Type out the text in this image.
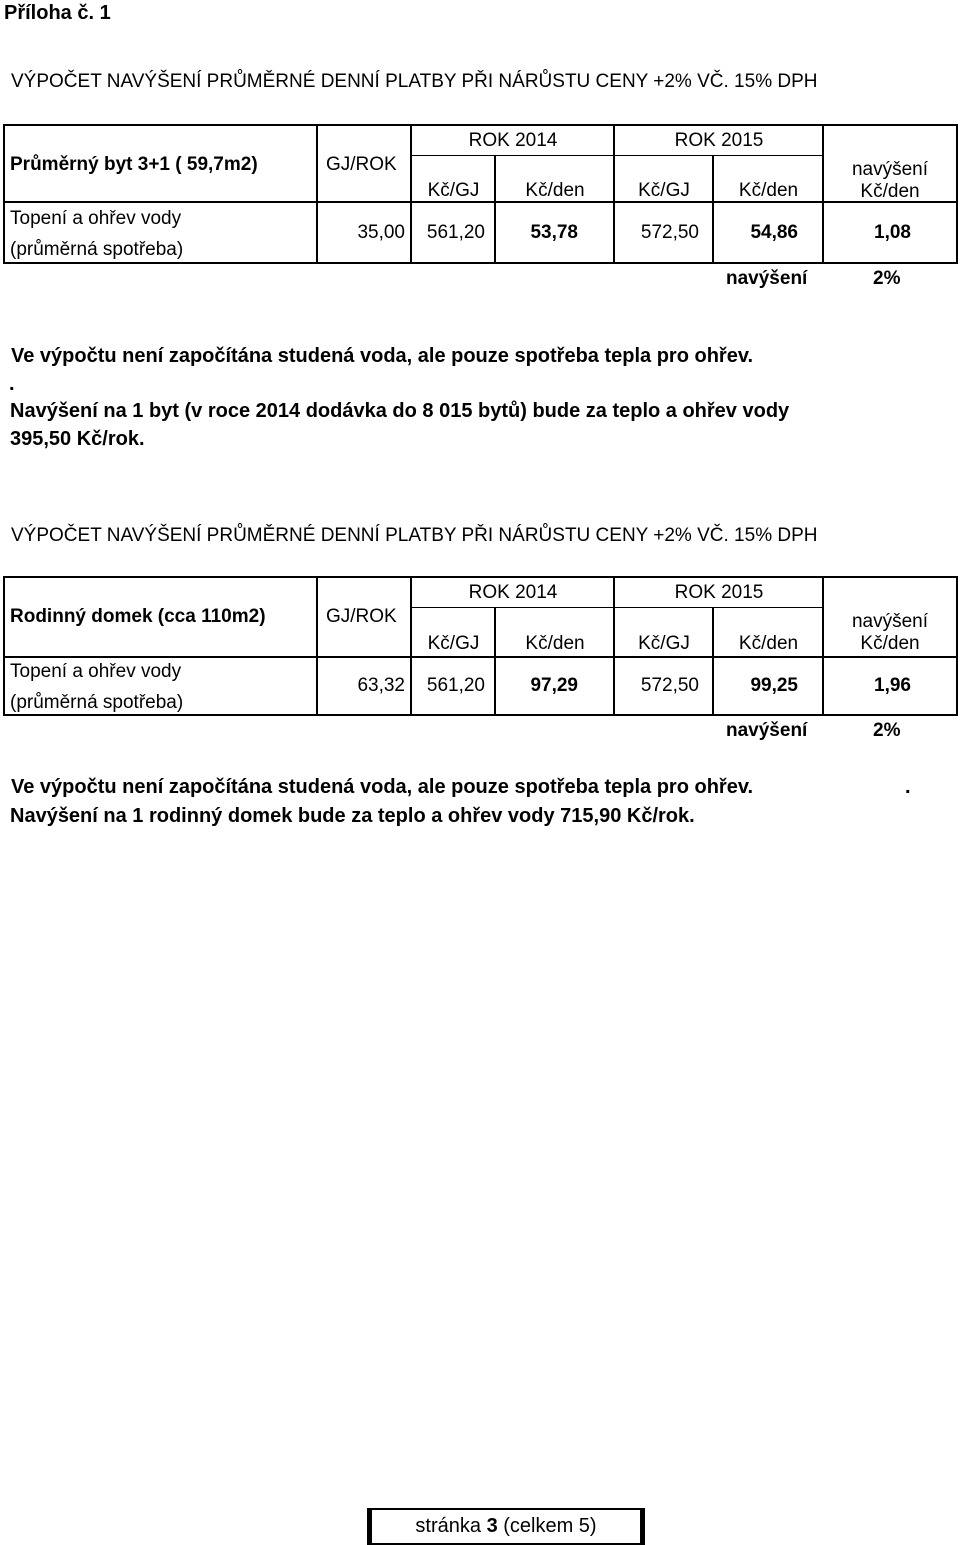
Příloha č. 1
VÝPOČET NAVÝŠENÍ PRŮMĚRNÉ DENNÍ PLATBY PŘI NÁRŮSTU CENY +2% VČ. 15% DPH
Průměrný byt 3+1 ( 59,7m2)	GJ/ROK
ROK 2014	ROK 2015
Kč/GJ	Kč/den	Kč/GJ	Kč/den
navýšení
Kč/den
Topení a ohřev vody
(průměrná spotřeba)
35,00	561,20	53,78	572,50	54,86	1,08
navýšení	2%
Ve výpočtu není započítána studená voda, ale pouze spotřeba tepla pro ohřev.
.
Navýšení na 1 byt (v roce 2014 dodávka do 8 015 bytů) bude za teplo a ohřev vody
395,50 Kč/rok.
VÝPOČET NAVÝŠENÍ PRŮMĚRNÉ DENNÍ PLATBY PŘI NÁRŮSTU CENY +2% VČ. 15% DPH
Rodinný domek (cca 110m2)	GJ/ROK
ROK 2014	ROK 2015
Kč/GJ	Kč/den	Kč/GJ	Kč/den
navýšení
Kč/den
Topení a ohřev vody
(průměrná spotřeba)
63,32	561,20	97,29	572,50	99,25	1,96
navýšení	2%
Ve výpočtu není započítána studená voda, ale pouze spotřeba tepla pro ohřev.	.
Navýšení na 1 rodinný domek bude za teplo a ohřev vody 715,90 Kč/rok.
stránka 3 (celkem 5)
